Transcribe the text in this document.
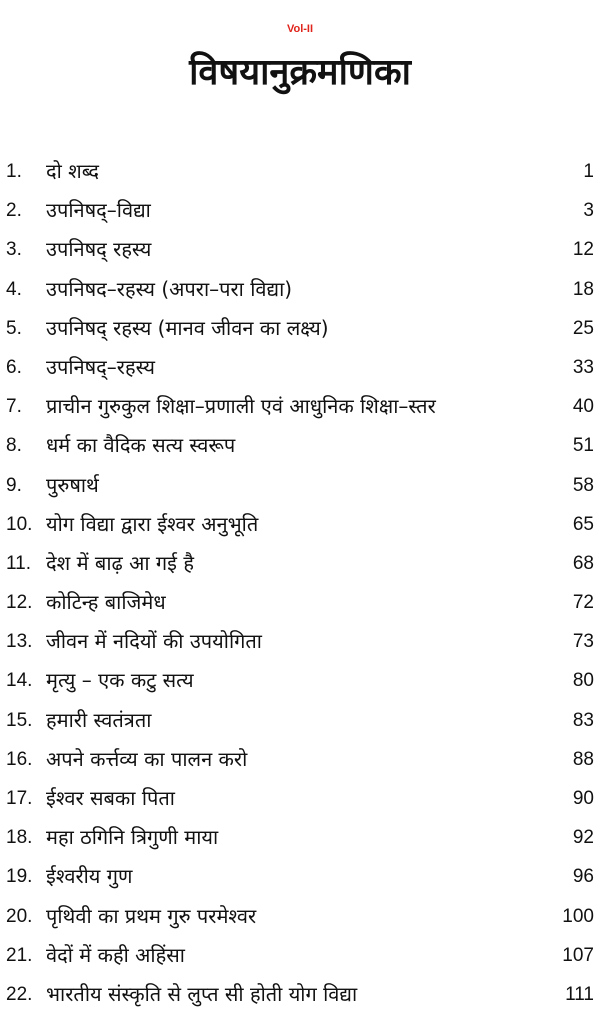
Vol-II
विषयानुक्रमणिका
1. दो शब्द	1
2. उपनिषद्–विद्या	3
3. उपनिषद् रहस्य	12
4. उपनिषद–रहस्य (अपरा–परा विद्या)	18
5. उपनिषद् रहस्य (मानव जीवन का लक्ष्य)	25
6. उपनिषद्–रहस्य	33
7. प्राचीन गुरुकुल शिक्षा–प्रणाली एवं आधुनिक शिक्षा–स्तर	40
8. धर्म का वैदिक सत्य स्वरूप	51
9. पुरुषार्थ	58
10. योग विद्या द्वारा ईश्वर अनुभूति	65
11. देश में बाढ़ आ गई है	68
12. कोटिन्ह बाजिमेध	72
13. जीवन में नदियों की उपयोगिता	73
14. मृत्यु – एक कटु सत्य	80
15. हमारी स्वतंत्रता	83
16. अपने कर्त्तव्य का पालन करो	88
17. ईश्वर सबका पिता	90
18. महा ठगिनि त्रिगुणी माया	92
19. ईश्वरीय गुण	96
20. पृथिवी का प्रथम गुरु परमेश्वर	100
21. वेदों में कही अहिंसा	107
22. भारतीय संस्कृति से लुप्त सी होती योग विद्या	111
